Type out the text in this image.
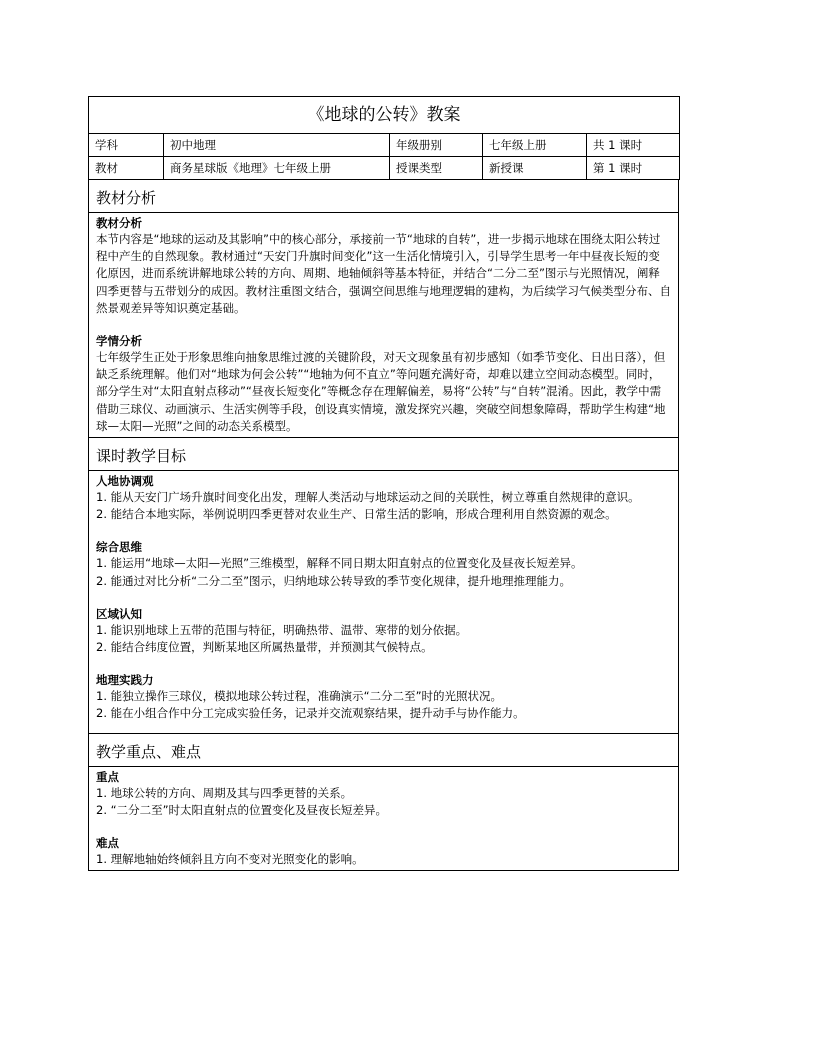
《地球的公转》教案				
学科	初中地理	年级册别	七年级上册	共 1 课时
教材	商务星球版《地理》七年级上册	授课类型	新授课	第 1 课时
教材分析
教材分析

本节内容是“地球的运动及其影响”中的核心部分，承接前一节“地球的自转”，进一步揭示地球在围绕太阳公转过程中产生的自然现象。教材通过“天安门升旗时间变化”这一生活化情境引入，引导学生思考一年中昼夜长短的变化原因，进而系统讲解地球公转的方向、周期、地轴倾斜等基本特征，并结合“二分二至”图示与光照情况，阐释四季更替与五带划分的成因。教材注重图文结合，强调空间思维与地理逻辑的建构，为后续学习气候类型分布、自然景观差异等知识奠定基础。

学情分析

七年级学生正处于形象思维向抽象思维过渡的关键阶段，对天文现象虽有初步感知（如季节变化、日出日落），但缺乏系统理解。他们对“地球为何会公转”“地轴为何不直立”等问题充满好奇，却难以建立空间动态模型。同时，部分学生对“太阳直射点移动”“昼夜长短变化”等概念存在理解偏差，易将“公转”与“自转”混淆。因此，教学中需借助三球仪、动画演示、生活实例等手段，创设真实情境，激发探究兴趣，突破空间想象障碍，帮助学生构建“地球—太阳—光照”之间的动态关系模型。

课时教学目标
人地协调观

1. 能从天安门广场升旗时间变化出发，理解人类活动与地球运动之间的关联性，树立尊重自然规律的意识。

2. 能结合本地实际，举例说明四季更替对农业生产、日常生活的影响，形成合理利用自然资源的观念。

综合思维

1. 能运用“地球—太阳—光照”三维模型，解释不同日期太阳直射点的位置变化及昼夜长短差异。

2. 能通过对比分析“二分二至”图示，归纳地球公转导致的季节变化规律，提升地理推理能力。

区域认知

1. 能识别地球上五带的范围与特征，明确热带、温带、寒带的划分依据。

2. 能结合纬度位置，判断某地区所属热量带，并预测其气候特点。

地理实践力

1. 能独立操作三球仪，模拟地球公转过程，准确演示“二分二至”时的光照状况。

2. 能在小组合作中分工完成实验任务，记录并交流观察结果，提升动手与协作能力。

教学重点、难点
重点

1. 地球公转的方向、周期及其与四季更替的关系。

2. “二分二至”时太阳直射点的位置变化及昼夜长短差异。

难点

1. 理解地轴始终倾斜且方向不变对光照变化的影响。
